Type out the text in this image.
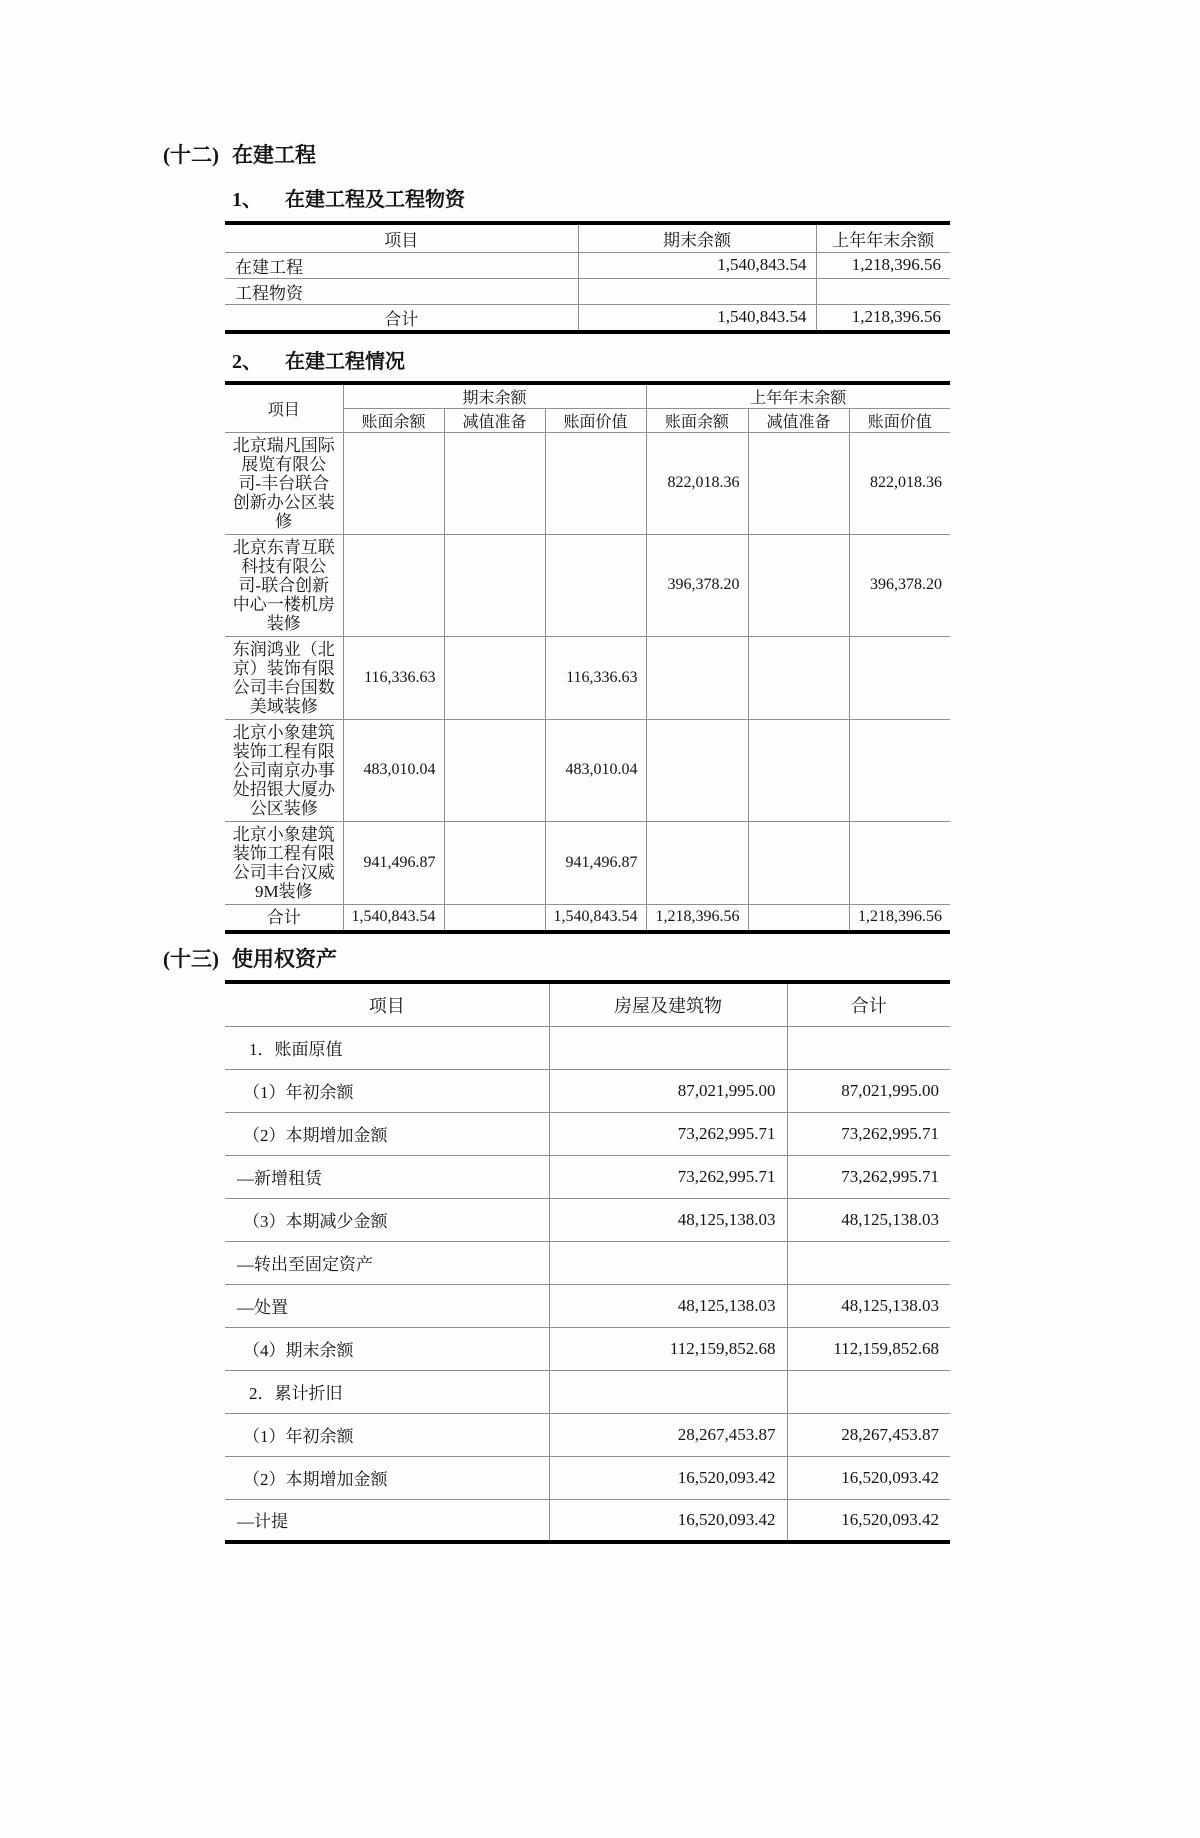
(十二) 在建工程
1、	在建工程及工程物资
项目	期末余额	上年年末余额
在建工程	1,540,843.54	1,218,396.56
工程物资		
合计	1,540,843.54	1,218,396.56
2、	在建工程情况
项目	期末余额			上年年末余额		
	账面余额	减值准备	账面价值	账面余额	减值准备	账面价值
北京瑞凡国际展览有限公司-丰台联合创新办公区装修				822,018.36		822,018.36
北京东青互联科技有限公司-联合创新中心一楼机房装修				396,378.20		396,378.20
东润鸿业（北京）装饰有限公司丰台国数美域装修	116,336.63		116,336.63			
北京小象建筑装饰工程有限公司南京办事处招银大厦办公区装修	483,010.04		483,010.04			
北京小象建筑装饰工程有限公司丰台汉威9M装修	941,496.87		941,496.87			
合计	1,540,843.54		1,540,843.54	1,218,396.56		1,218,396.56
(十三) 使用权资产
项目	房屋及建筑物	合计
1．账面原值		
（1）年初余额	87,021,995.00	87,021,995.00
（2）本期增加金额	73,262,995.71	73,262,995.71
—新增租赁	73,262,995.71	73,262,995.71
（3）本期减少金额	48,125,138.03	48,125,138.03
—转出至固定资产		
—处置	48,125,138.03	48,125,138.03
（4）期末余额	112,159,852.68	112,159,852.68
2．累计折旧		
（1）年初余额	28,267,453.87	28,267,453.87
（2）本期增加金额	16,520,093.42	16,520,093.42
—计提	16,520,093.42	16,520,093.42
